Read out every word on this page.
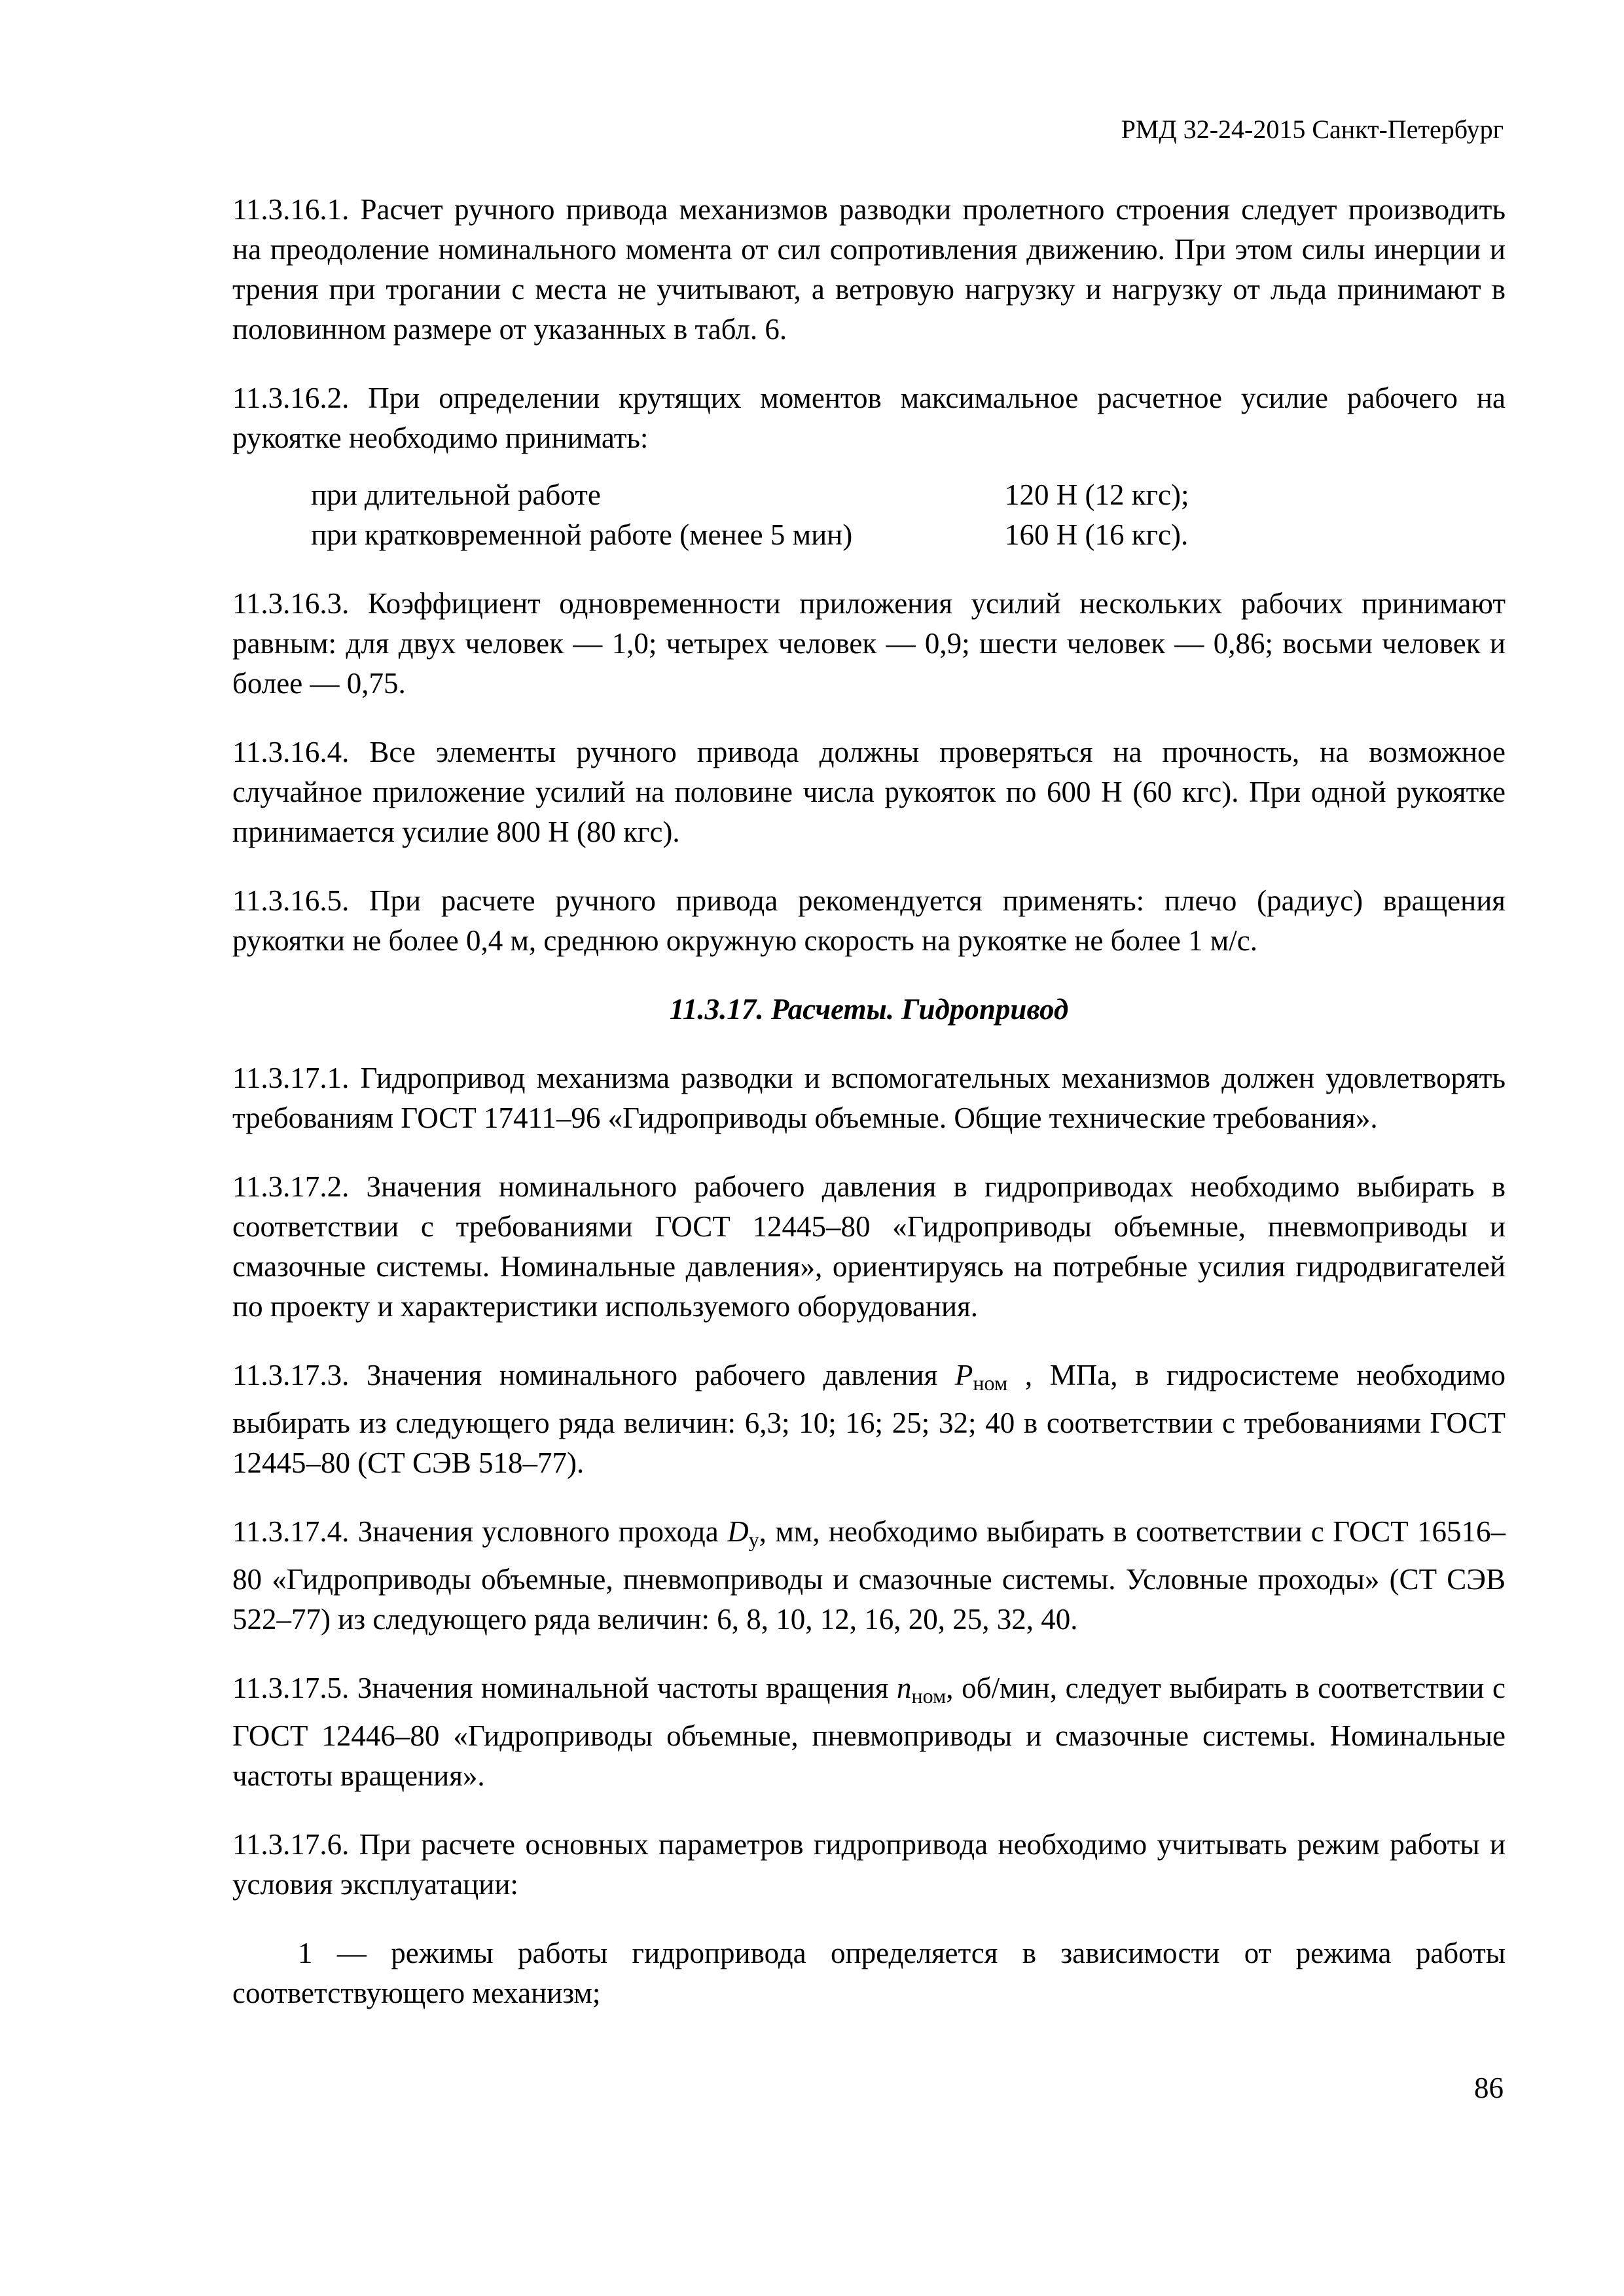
РМД 32-24-2015 Санкт-Петербург

11.3.16.1. Расчет ручного привода механизмов разводки пролетного строения следует производить на преодоление номинального момента от сил сопротивления движению. При этом силы инерции и трения при трогании с места не учитывают, а ветровую нагрузку и нагрузку от льда принимают в половинном размере от указанных в табл. 6.

11.3.16.2. При определении крутящих моментов максимальное расчетное усилие рабочего на рукоятке необходимо принимать:

при длительной работе	120 Н (12 кгс);
при кратковременной работе (менее 5 мин)	160 Н (16 кгс).

11.3.16.3. Коэффициент одновременности приложения усилий нескольких рабочих принимают равным: для двух человек — 1,0; четырех человек — 0,9; шести человек — 0,86; восьми человек и более — 0,75.

11.3.16.4. Все элементы ручного привода должны проверяться на прочность, на возможное случайное приложение усилий на половине числа рукояток по 600 Н (60 кгс). При одной рукоятке принимается усилие 800 Н (80 кгс).

11.3.16.5. При расчете ручного привода рекомендуется применять: плечо (радиус) вращения рукоятки не более 0,4 м, среднюю окружную скорость на рукоятке не более 1 м/с.

11.3.17. Расчеты. Гидропривод

11.3.17.1. Гидропривод механизма разводки и вспомогательных механизмов должен удовлетворять требованиям ГОСТ 17411–96 «Гидроприводы объемные. Общие технические требования».

11.3.17.2. Значения номинального рабочего давления в гидроприводах необходимо выбирать в соответствии с требованиями ГОСТ 12445–80 «Гидроприводы объемные, пневмоприводы и смазочные системы. Номинальные давления», ориентируясь на потребные усилия гидродвигателей по проекту и характеристики используемого оборудования.

11.3.17.3. Значения номинального рабочего давления $P_{ном}$ , МПа, в гидросистеме необходимо выбирать из следующего ряда величин: 6,3; 10; 16; 25; 32; 40 в соответствии с требованиями ГОСТ 12445–80 (СТ СЭВ 518–77).

11.3.17.4. Значения условного прохода $D_у$, мм, необходимо выбирать в соответствии с ГОСТ 16516–80 «Гидроприводы объемные, пневмоприводы и смазочные системы. Условные проходы» (СТ СЭВ 522–77) из следующего ряда величин: 6, 8, 10, 12, 16, 20, 25, 32, 40.

11.3.17.5. Значения номинальной частоты вращения $n_{ном}$, об/мин, следует выбирать в соответствии с ГОСТ 12446–80 «Гидроприводы объемные, пневмоприводы и смазочные системы. Номинальные частоты вращения».

11.3.17.6. При расчете основных параметров гидропривода необходимо учитывать режим работы и условия эксплуатации:

1 — режимы работы гидропривода определяется в зависимости от режима работы соответствующего механизм;

86
